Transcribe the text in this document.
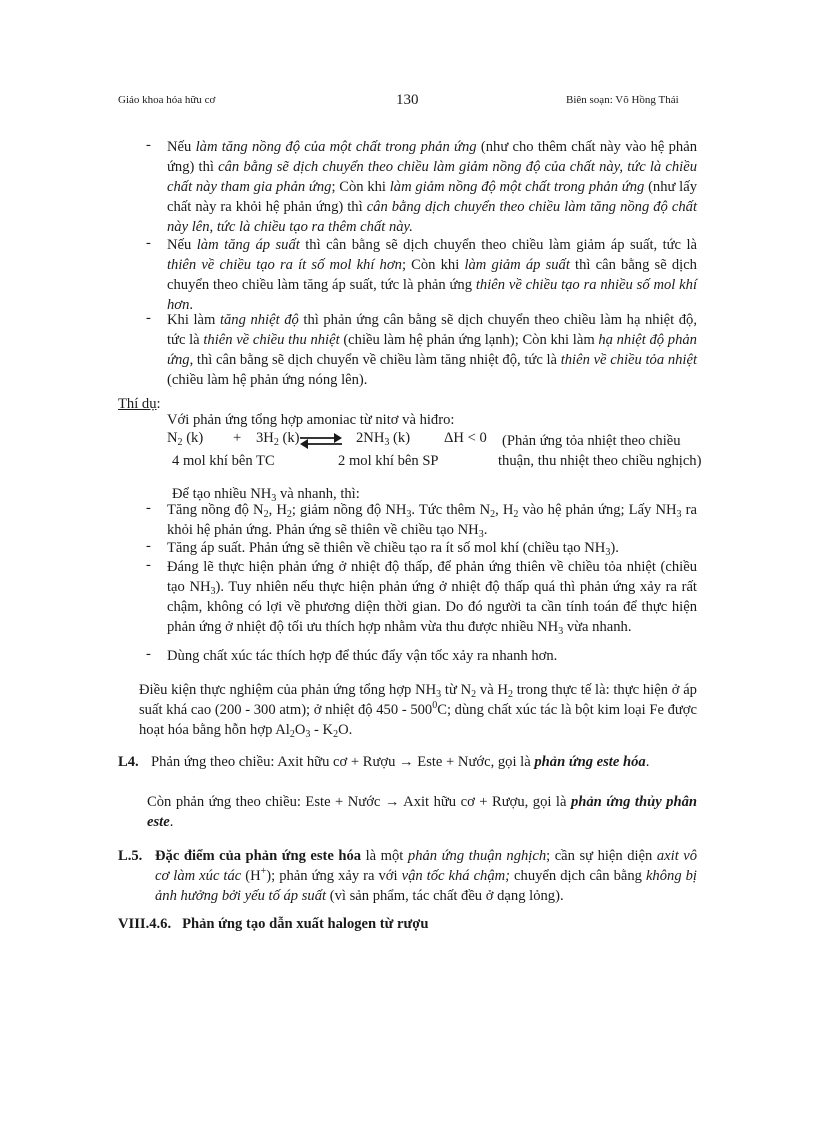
Giáo khoa hóa hữu cơ	130	Biên soạn: Võ Hồng Thái
- Nếu làm tăng nồng độ của một chất trong phản ứng (như cho thêm chất này vào hệ phản ứng) thì cân bằng sẽ dịch chuyển theo chiều làm giảm nồng độ của chất này, tức là chiều chất này tham gia phản ứng; Còn khi làm giảm nồng độ một chất trong phản ứng (như lấy chất này ra khỏi hệ phản ứng) thì cân bằng dịch chuyển theo chiều làm tăng nồng độ chất này lên, tức là chiều tạo ra thêm chất này.
- Nếu làm tăng áp suất thì cân bằng sẽ dịch chuyển theo chiều làm giảm áp suất, tức là thiên về chiều tạo ra ít số mol khí hơn; Còn khi làm giảm áp suất thì cân bằng sẽ dịch chuyển theo chiều làm tăng áp suất, tức là phản ứng thiên về chiều tạo ra nhiều số mol khí hơn.
- Khi làm tăng nhiệt độ thì phản ứng cân bằng sẽ dịch chuyển theo chiều làm hạ nhiệt độ, tức là thiên về chiều thu nhiệt (chiều làm hệ phản ứng lạnh); Còn khi làm hạ nhiệt độ phản ứng, thì cân bằng sẽ dịch chuyển về chiều làm tăng nhiệt độ, tức là thiên về chiều tỏa nhiệt (chiều làm hệ phản ứng nóng lên).
Thí dụ:
Với phản ứng tổng hợp amoniac từ nitơ và hiđro:
$N_2$ $(k) + 3H_2$ (k) ⇌ $2NH_3$ (k) ΔH < 0 (Phản ứng tỏa nhiệt theo chiều
4 mol khí bên TC	2 mol khí bên SP	thuận, thu nhiệt theo chiều nghịch)
Để tạo nhiều $NH_3$ và nhanh, thì:
- Tăng nồng độ $N_2$, $H_2$; giảm nồng độ $NH_3$. Tức thêm $N_2$, $H_2$ vào hệ phản ứng; Lấy $NH_3$ ra khỏi hệ phản ứng. Phản ứng sẽ thiên về chiều tạo $NH_3$.
- Tăng áp suất. Phản ứng sẽ thiên về chiều tạo ra ít số mol khí (chiều tạo $NH_3$).
- Đáng lẽ thực hiện phản ứng ở nhiệt độ thấp, để phản ứng thiên về chiều tỏa nhiệt (chiều tạo $NH_3$). Tuy nhiên nếu thực hiện phản ứng ở nhiệt độ thấp quá thì phản ứng xảy ra rất chậm, không có lợi về phương diện thời gian. Do đó người ta cần tính toán để thực hiện phản ứng ở nhiệt độ tối ưu thích hợp nhằm vừa thu được nhiều $NH_3$ vừa nhanh.
- Dùng chất xúc tác thích hợp để thúc đẩy vận tốc xảy ra nhanh hơn.
Điều kiện thực nghiệm của phản ứng tổng hợp $NH_3$ từ $N_2$ và $H_2$ trong thực tế là: thực hiện ở áp suất khá cao (200 - 300 atm); ở nhiệt độ $450 - 500^0C$; dùng chất xúc tác là bột kim loại Fe được hoạt hóa bằng hỗn hợp $Al_2O_3 - K_2O$.
L4. Phản ứng theo chiều: Axit hữu cơ + Rượu → Este + Nước, gọi là phản ứng este hóa.
Còn phản ứng theo chiều: Este + Nước → Axit hữu cơ + Rượu, gọi là phản ứng thủy phân este.
L.5. Đặc điểm của phản ứng este hóa là một phản ứng thuận nghịch; cần sự hiện diện axit vô cơ làm xúc tác (H+); phản ứng xảy ra với vận tốc khá chậm; chuyển dịch cân bằng không bị ảnh hưởng bởi yếu tố áp suất (vì sản phẩm, tác chất đều ở dạng lỏng).
VIII.4.6. Phản ứng tạo dẫn xuất halogen từ rượu
